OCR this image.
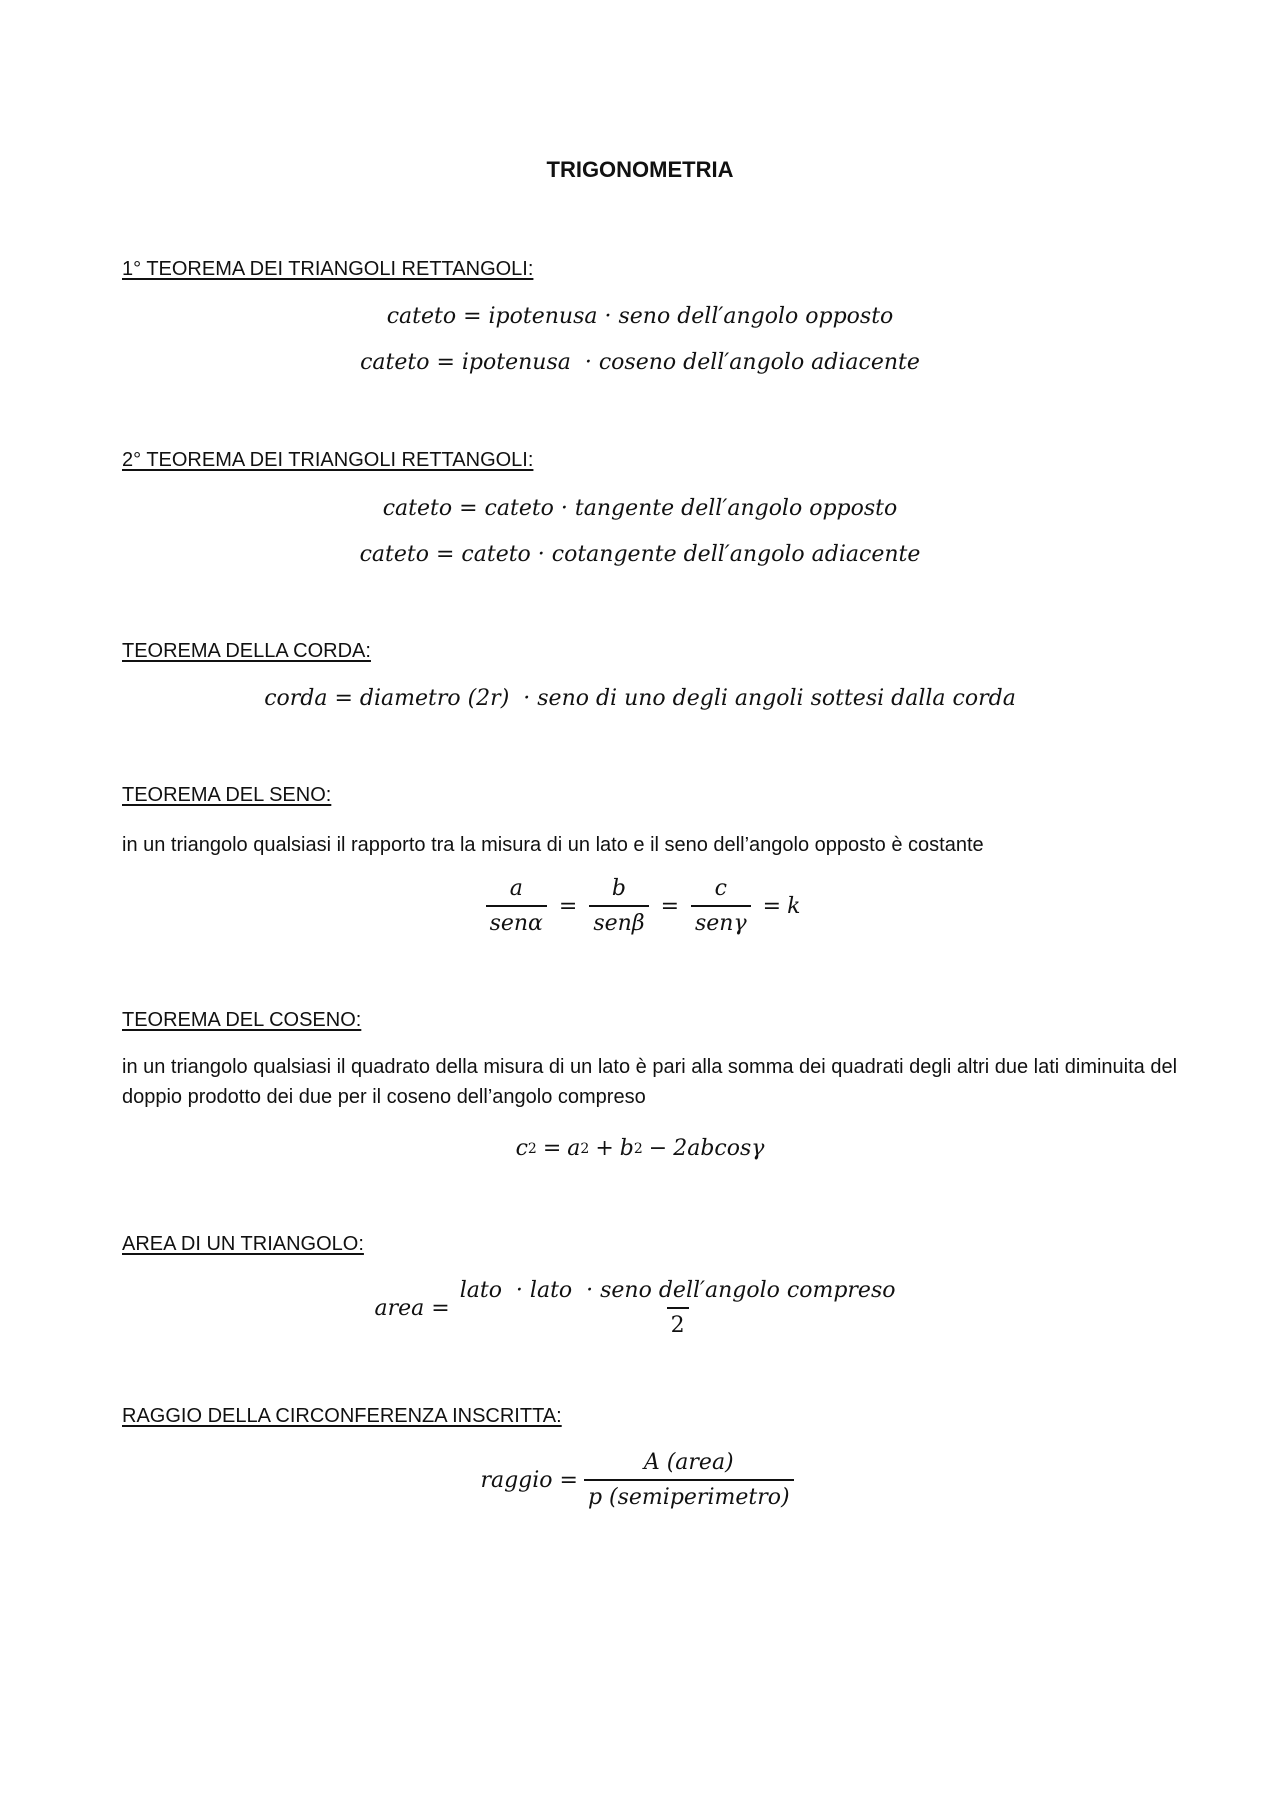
TRIGONOMETRIA
1° TEOREMA DEI TRIANGOLI RETTANGOLI:
cateto = ipotenusa · seno dell′angolo opposto
cateto = ipotenusa  · coseno dell′angolo adiacente
2° TEOREMA DEI TRIANGOLI RETTANGOLI:
cateto = cateto · tangente dell′angolo opposto
cateto = cateto · cotangente dell′angolo adiacente
TEOREMA DELLA CORDA:
corda = diametro (2r)  · seno di uno degli angoli sottesi dalla corda
TEOREMA DEL SENO:
in un triangolo qualsiasi il rapporto tra la misura di un lato e il seno dell’angolo opposto è costante
$\frac{a}{\text{senα}} = \frac{b}{\text{senβ}} = \frac{c}{\text{senγ}} = k$
TEOREMA DEL COSENO:
in un triangolo qualsiasi il quadrato della misura di un lato è pari alla somma dei quadrati degli altri due lati diminuita del doppio prodotto dei due per il coseno dell’angolo compreso
c 2 = a 2 + b 2 − 2abcosγ
AREA DI UN TRIANGOLO:
area = $\frac{\text{lato  · lato  · seno dell′angolo compreso}}{2}$
RAGGIO DELLA CIRCONFERENZA INSCRITTA:
raggio = $\frac{\text{A (area)}}{\text{p (semiperimetro)}}$
